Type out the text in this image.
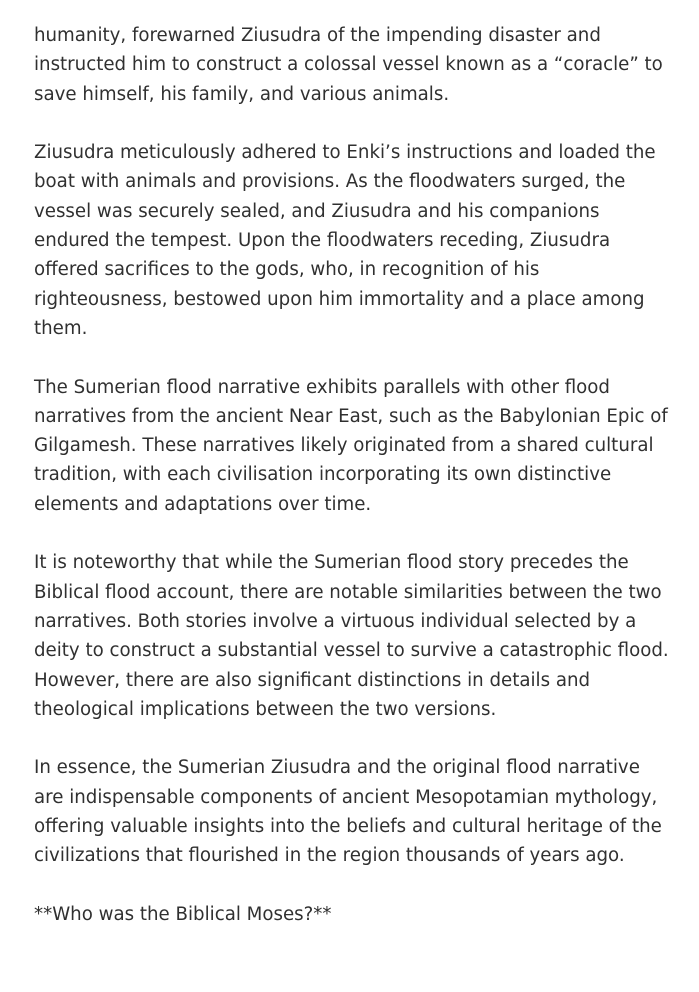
humanity, forewarned Ziusudra of the impending disaster and instructed him to construct a colossal vessel known as a “coracle” to save himself, his family, and various animals.

Ziusudra meticulously adhered to Enki’s instructions and loaded the boat with animals and provisions. As the floodwaters surged, the vessel was securely sealed, and Ziusudra and his companions endured the tempest. Upon the floodwaters receding, Ziusudra offered sacrifices to the gods, who, in recognition of his righteousness, bestowed upon him immortality and a place among them.

The Sumerian flood narrative exhibits parallels with other flood narratives from the ancient Near East, such as the Babylonian Epic of Gilgamesh. These narratives likely originated from a shared cultural tradition, with each civilisation incorporating its own distinctive elements and adaptations over time.

It is noteworthy that while the Sumerian flood story precedes the Biblical flood account, there are notable similarities between the two narratives. Both stories involve a virtuous individual selected by a deity to construct a substantial vessel to survive a catastrophic flood. However, there are also significant distinctions in details and theological implications between the two versions.

In essence, the Sumerian Ziusudra and the original flood narrative are indispensable components of ancient Mesopotamian mythology, offering valuable insights into the beliefs and cultural heritage of the civilizations that flourished in the region thousands of years ago.

**Who was the Biblical Moses?**
